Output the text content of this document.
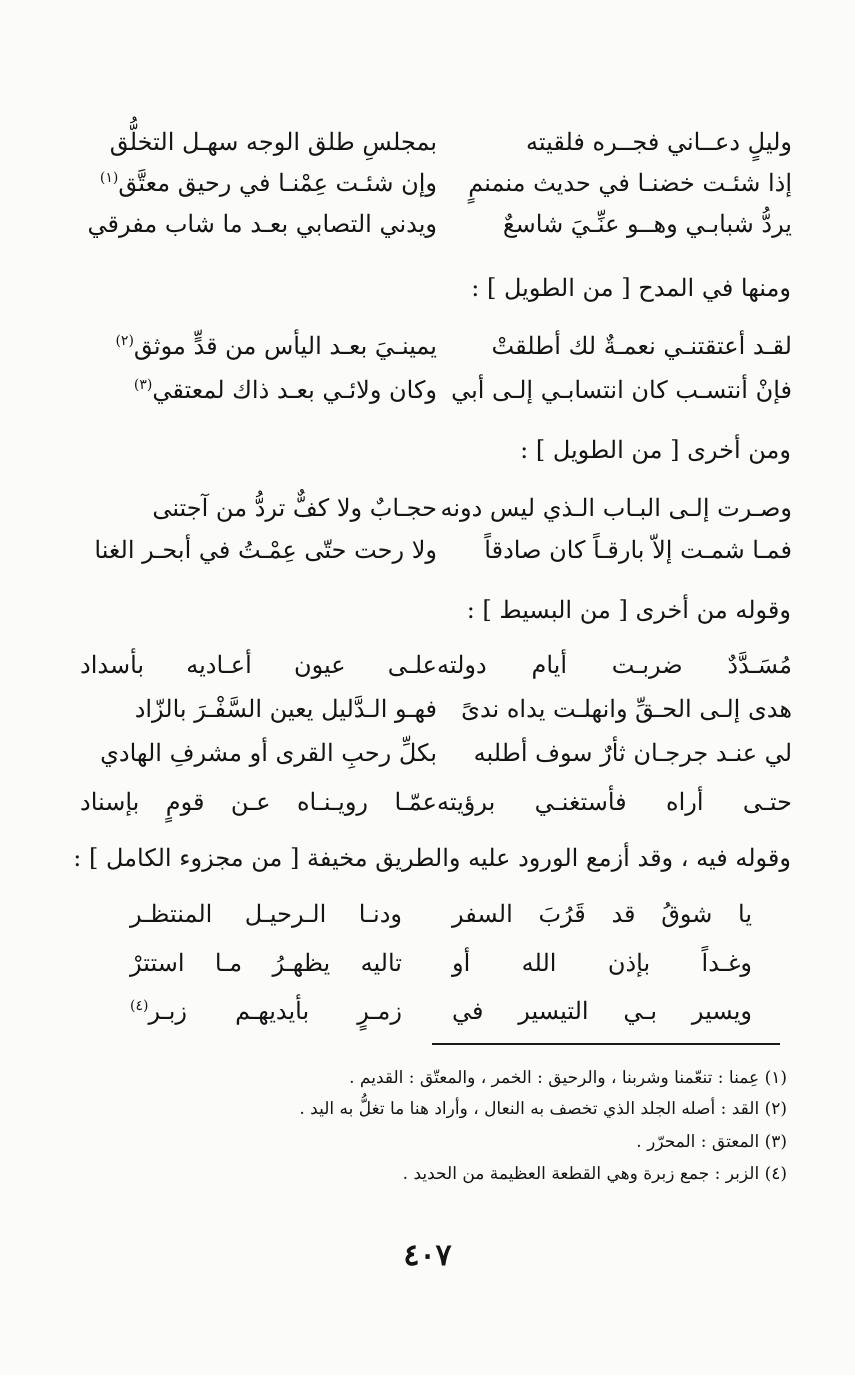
وليلٍ دعــاني فجــره فلقيته
بمجلسِ طلق الوجه سهـل التخلُّق
إذا شئـت خضنـا في حديث منمنمٍ
وإن شئـت عِمْنـا في رحيق معتَّق$^{(١)}$
يردُّ شبابـي وهــو عنِّـيَ شاسعٌ
ويدني التصابي بعـد ما شاب مفرقي
ومنها في المدح [ من الطويل ] :
لقـد أعتقتنـي نعمـةٌ لك أطلقتْ
يمينـيَ بعـد اليأس من قدٍّ موثق$^{(٢)}$
فإنْ أنتسـب كان انتسابـي إلـى أبي
وكان ولائـي بعـد ذاك لمعتقي$^{(٣)}$
ومن أخرى [ من الطويل ] :
وصـرت إلـى البـاب الـذي ليس دونه
حجـابٌ ولا كفٌّ تردُّ من آجتنى
فمـا شمـت إلاّ بارقـاً كان صادقاً
ولا رحت حتّى عِمْـتُ في أبحـر الغنا
وقوله من أخرى [ من البسيط ] :
مُسَـدَّدٌ ضربـت أيام دولته
علـى عيون أعـاديه بأسداد
هدى إلـى الحـقِّ وانهلـت يداه ندىً
فهـو الـدَّليل يعين السَّفْـرَ بالزّاد
لي عنـد جرجـان ثأرٌ سوف أطلبه
بكلِّ رحبِ القرى أو مشرفِ الهادي
حتـى أراه فأستغنـي برؤيته
عمّـا رويـنـاه عـن قومٍ بإسناد
وقوله فيه ، وقد أزمع الورود عليه والطريق مخيفة [ من مجزوء الكامل ] :
يا شوقُ قد قَرُبَ السفر
ودنـا الـرحيـل المنتظـر
وغـداً بإذن الله أو
تاليه يظهـرُ مـا استترْ
ويسير بـي التيسير في
زمـرٍ بأيديهـم زبـر$^{(٤)}$
(١) عِمنا : تنعّمنا وشربنا ، والرحيق : الخمر ، والمعتّق : القديم .
(٢) القد : أصله الجلد الذي تخصف به النعال ، وأراد هنا ما تغلُّ به اليد .
(٣) المعتق : المحرّر .
(٤) الزبر : جمع زبرة وهي القطعة العظيمة من الحديد .
٤٠٧
